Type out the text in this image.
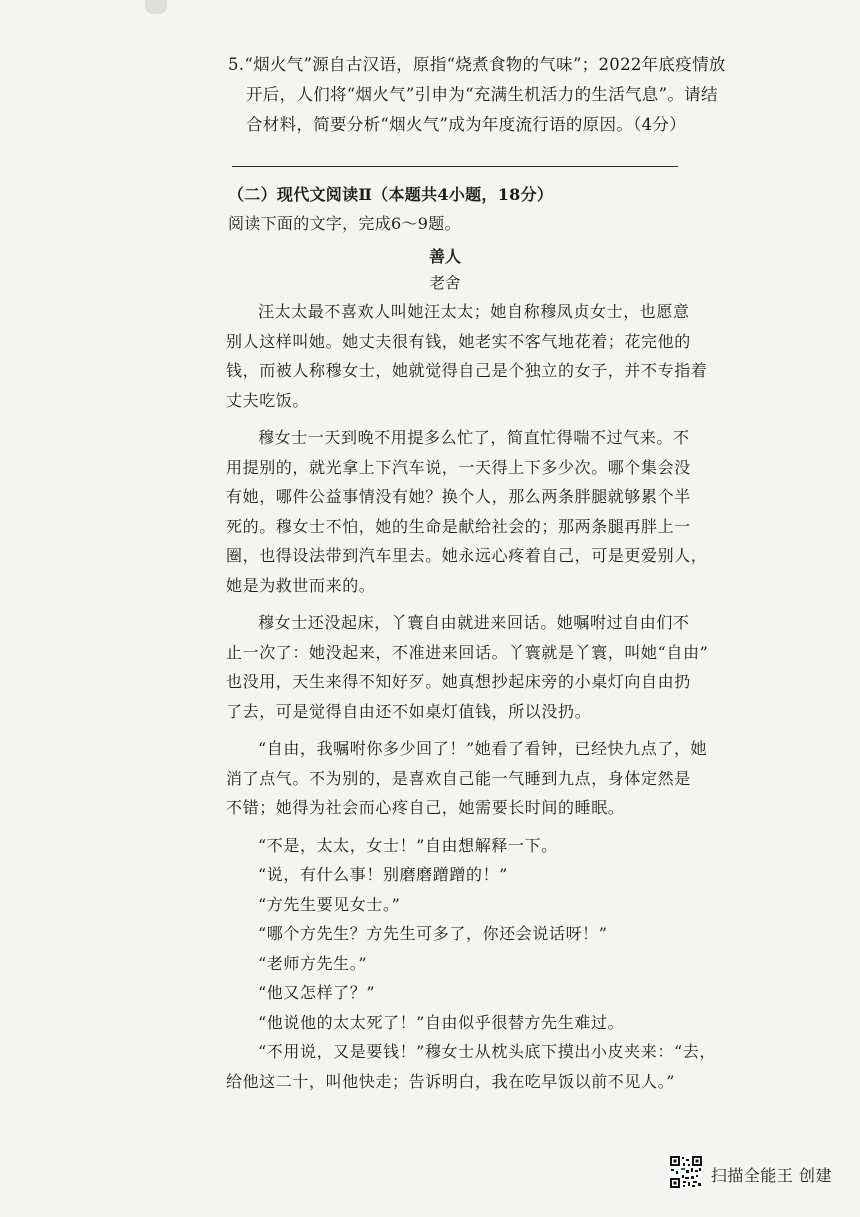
5.“烟火气”源自古汉语，原指“烧煮食物的气味”；2022年底疫情放
开后，人们将“烟火气”引申为“充满生机活力的生活气息”。请结
合材料，简要分析“烟火气”成为年度流行语的原因。（4分）
（二）现代文阅读Ⅱ（本题共4小题，18分）
阅读下面的文字，完成6～9题。
善人
老舍
汪太太最不喜欢人叫她汪太太；她自称穆凤贞女士，也愿意
别人这样叫她。她丈夫很有钱，她老实不客气地花着；花完他的
钱，而被人称穆女士，她就觉得自己是个独立的女子，并不专指着
丈夫吃饭。
穆女士一天到晚不用提多么忙了，简直忙得喘不过气来。不
用提别的，就光拿上下汽车说，一天得上下多少次。哪个集会没
有她，哪件公益事情没有她？换个人，那么两条胖腿就够累个半
死的。穆女士不怕，她的生命是献给社会的；那两条腿再胖上一
圈，也得设法带到汽车里去。她永远心疼着自己，可是更爱别人，
她是为救世而来的。
穆女士还没起床，丫寰自由就进来回话。她嘱咐过自由们不
止一次了：她没起来，不准进来回话。丫寰就是丫寰，叫她“自由”
也没用，天生来得不知好歹。她真想抄起床旁的小桌灯向自由扔
了去，可是觉得自由还不如桌灯值钱，所以没扔。
“自由，我嘱咐你多少回了！”她看了看钟，已经快九点了，她
消了点气。不为别的，是喜欢自己能一气睡到九点，身体定然是
不错；她得为社会而心疼自己，她需要长时间的睡眠。
“不是，太太，女士！”自由想解释一下。
“说，有什么事！别磨磨蹭蹭的！”
“方先生要见女士。”
“哪个方先生？方先生可多了，你还会说话呀！”
“老师方先生。”
“他又怎样了？”
“他说他的太太死了！”自由似乎很替方先生难过。
“不用说，又是要钱！”穆女士从枕头底下摸出小皮夹来：“去，
给他这二十，叫他快走；告诉明白，我在吃早饭以前不见人。”
扫描全能王 创建
